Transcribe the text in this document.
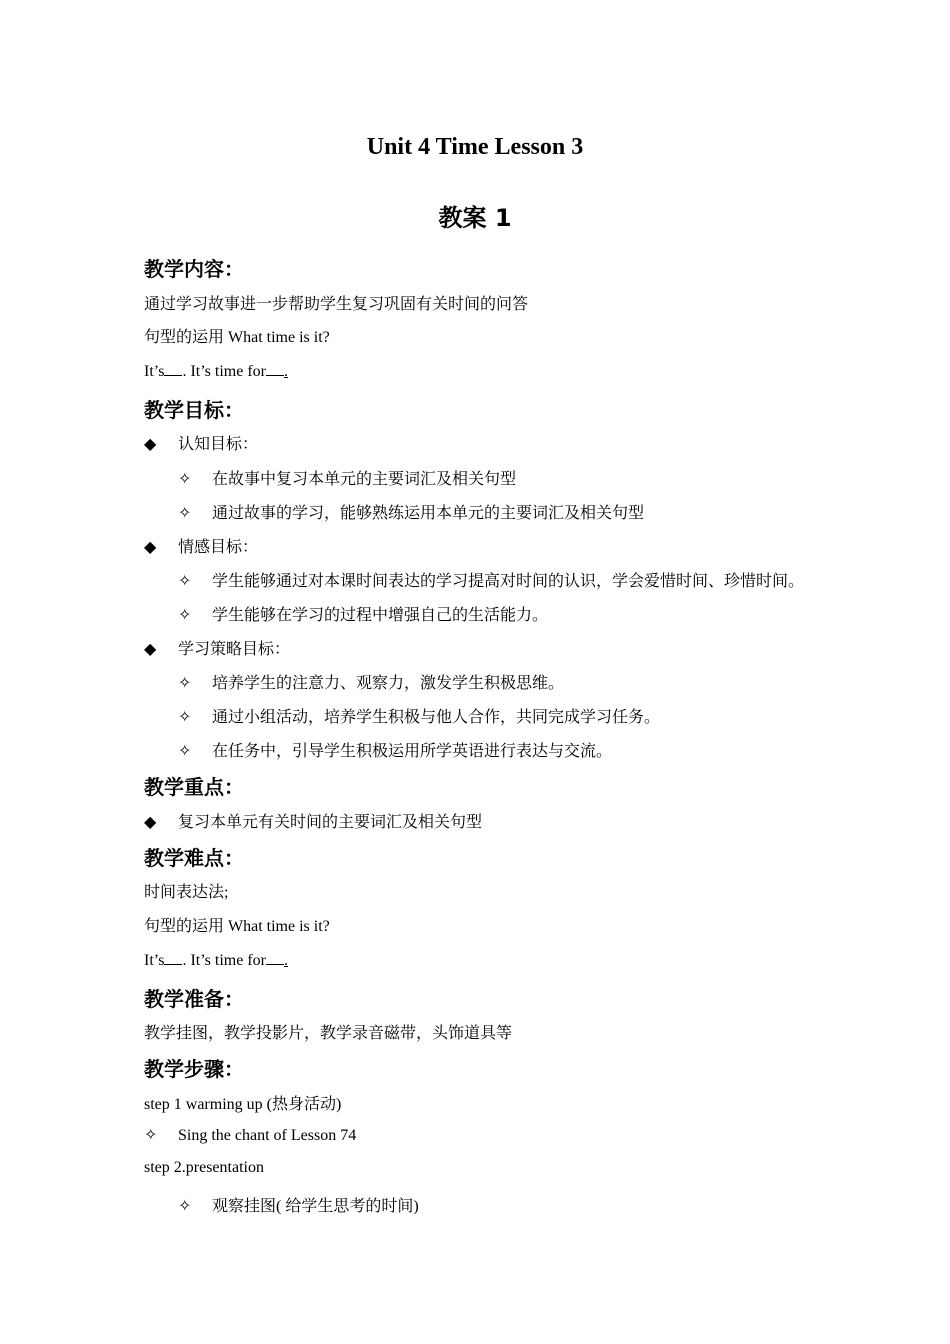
Unit 4 Time Lesson 3
教案 1
教学内容：
通过学习故事进一步帮助学生复习巩固有关时间的问答
句型的运用 What time is it?
It’s . It’s time for .
教学目标：
◆ 认知目标：
✧ 在故事中复习本单元的主要词汇及相关句型
✧ 通过故事的学习，能够熟练运用本单元的主要词汇及相关句型
◆ 情感目标：
✧ 学生能够通过对本课时间表达的学习提高对时间的认识，学会爱惜时间、珍惜时间。
✧ 学生能够在学习的过程中增强自己的生活能力。
◆ 学习策略目标：
✧ 培养学生的注意力、观察力，激发学生积极思维。
✧ 通过小组活动，培养学生积极与他人合作，共同完成学习任务。
✧ 在任务中，引导学生积极运用所学英语进行表达与交流。
教学重点：
◆ 复习本单元有关时间的主要词汇及相关句型
教学难点：
时间表达法;
句型的运用 What time is it?
It’s . It’s time for .
教学准备：
教学挂图，教学投影片，教学录音磁带，头饰道具等
教学步骤：
step 1 warming up (热身活动)
✧ Sing the chant of Lesson 74
step 2.presentation
✧ 观察挂图( 给学生思考的时间)
